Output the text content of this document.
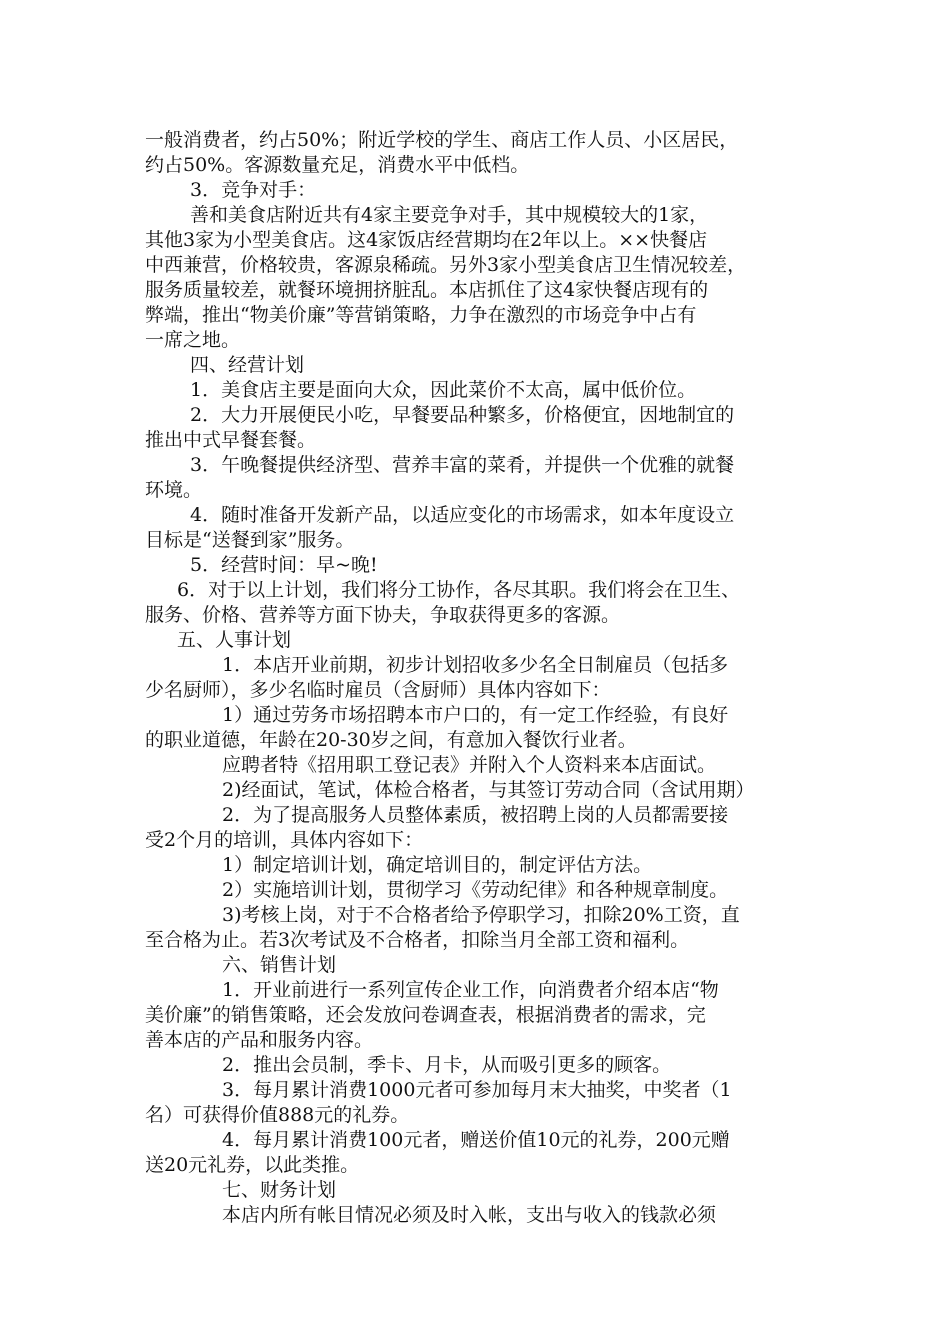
一般消费者，约占50%；附近学校的学生、商店工作人员、小区居民，
约占50%。客源数量充足，消费水平中低档。
3．竞争对手：
善和美食店附近共有4家主要竞争对手，其中规模较大的1家，
其他3家为小型美食店。这4家饭店经营期均在2年以上。××快餐店
中西兼营，价格较贵，客源泉稀疏。另外3家小型美食店卫生情况较差，
服务质量较差，就餐环境拥挤脏乱。本店抓住了这4家快餐店现有的
弊端，推出“物美价廉”等营销策略，力争在激烈的市场竞争中占有
一席之地。
四、经营计划
1．美食店主要是面向大众，因此菜价不太高，属中低价位。
2．大力开展便民小吃，早餐要品种繁多，价格便宜，因地制宜的
推出中式早餐套餐。
3．午晚餐提供经济型、营养丰富的菜肴，并提供一个优雅的就餐
环境。
4．随时准备开发新产品，以适应变化的市场需求，如本年度设立
目标是“送餐到家”服务。
5．经营时间：早~晚!
6．对于以上计划，我们将分工协作，各尽其职。我们将会在卫生、
服务、价格、营养等方面下协夫，争取获得更多的客源。
五、人事计划
1．本店开业前期，初步计划招收多少名全日制雇员（包括多
少名厨师），多少名临时雇员（含厨师）具体内容如下：
1）通过劳务市场招聘本市户口的，有一定工作经验，有良好
的职业道德，年龄在20-30岁之间，有意加入餐饮行业者。
应聘者特《招用职工登记表》并附入个人资料来本店面试。
2)经面试，笔试，体检合格者，与其签订劳动合同（含试用期）
2．为了提高服务人员整体素质，被招聘上岗的人员都需要接
受2个月的培训，具体内容如下：
1）制定培训计划，确定培训目的，制定评估方法。
2）实施培训计划，贯彻学习《劳动纪律》和各种规章制度。
3)考核上岗，对于不合格者给予停职学习，扣除20%工资，直
至合格为止。若3次考试及不合格者，扣除当月全部工资和福利。
六、销售计划
1．开业前进行一系列宣传企业工作，向消费者介绍本店“物
美价廉”的销售策略，还会发放问卷调查表，根据消费者的需求，完
善本店的产品和服务内容。
2．推出会员制，季卡、月卡，从而吸引更多的顾客。
3．每月累计消费1000元者可参加每月末大抽奖，中奖者（1
名）可获得价值888元的礼券。
4．每月累计消费100元者，赠送价值10元的礼券，200元赠
送20元礼券，以此类推。
七、财务计划
本店内所有帐目情况必须及时入帐，支出与收入的钱款必须
